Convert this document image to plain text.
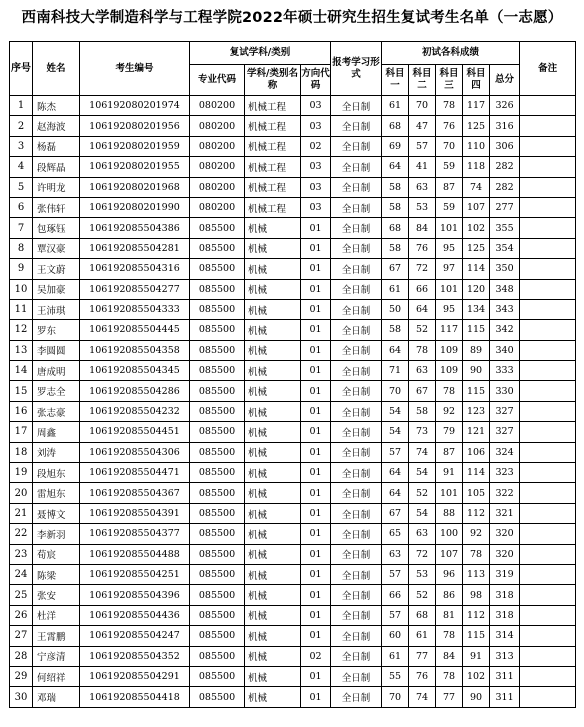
西南科技大学制造科学与工程学院2022年硕士研究生招生复试考生名单（一志愿）
序号	姓名	考生编号	复试学科/类别			报考学习形式	初试各科成绩					备注
			专业代码	学科/类别名称	方向代码		科目一	科目二	科目三	科目四	总分	
1	陈杰	106192080201974	080200	机械工程	03	全日制	61	70	78	117	326	
2	赵海波	106192080201956	080200	机械工程	03	全日制	68	47	76	125	316	
3	杨磊	106192080201959	080200	机械工程	02	全日制	69	57	70	110	306	
4	段辉晶	106192080201955	080200	机械工程	03	全日制	64	41	59	118	282	
5	许明龙	106192080201968	080200	机械工程	03	全日制	58	63	87	74	282	
6	张伟轩	106192080201990	080200	机械工程	03	全日制	58	53	59	107	277	
7	包琢钰	106192085504386	085500	机械	01	全日制	68	84	101	102	355	
8	覃汉豪	106192085504281	085500	机械	01	全日制	58	76	95	125	354	
9	王文蔚	106192085504316	085500	机械	01	全日制	67	72	97	114	350	
10	吴加豪	106192085504277	085500	机械	01	全日制	61	66	101	120	348	
11	王沛琪	106192085504333	085500	机械	01	全日制	50	64	95	134	343	
12	罗东	106192085504445	085500	机械	01	全日制	58	52	117	115	342	
13	李圆圆	106192085504358	085500	机械	01	全日制	64	78	109	89	340	
14	唐成明	106192085504345	085500	机械	01	全日制	71	63	109	90	333	
15	罗志全	106192085504286	085500	机械	01	全日制	70	67	78	115	330	
16	张志豪	106192085504232	085500	机械	01	全日制	54	58	92	123	327	
17	周鑫	106192085504451	085500	机械	01	全日制	54	73	79	121	327	
18	刘涛	106192085504306	085500	机械	01	全日制	57	74	87	106	324	
19	段旭东	106192085504471	085500	机械	01	全日制	64	54	91	114	323	
20	雷旭东	106192085504367	085500	机械	01	全日制	64	52	101	105	322	
21	聂博文	106192085504391	085500	机械	01	全日制	67	54	88	112	321	
22	李新羽	106192085504377	085500	机械	01	全日制	65	63	100	92	320	
23	荀宸	106192085504488	085500	机械	01	全日制	63	72	107	78	320	
24	陈梁	106192085504251	085500	机械	01	全日制	57	53	96	113	319	
25	张安	106192085504396	085500	机械	01	全日制	66	52	86	98	318	
26	杜洋	106192085504436	085500	机械	01	全日制	57	68	81	112	318	
27	王霄鹏	106192085504247	085500	机械	01	全日制	60	61	78	115	314	
28	宁彦清	106192085504352	085500	机械	02	全日制	61	77	84	91	313	
29	何绍祥	106192085504291	085500	机械	01	全日制	55	76	78	102	311	
30	邓瑞	106192085504418	085500	机械	01	全日制	70	74	77	90	311	
